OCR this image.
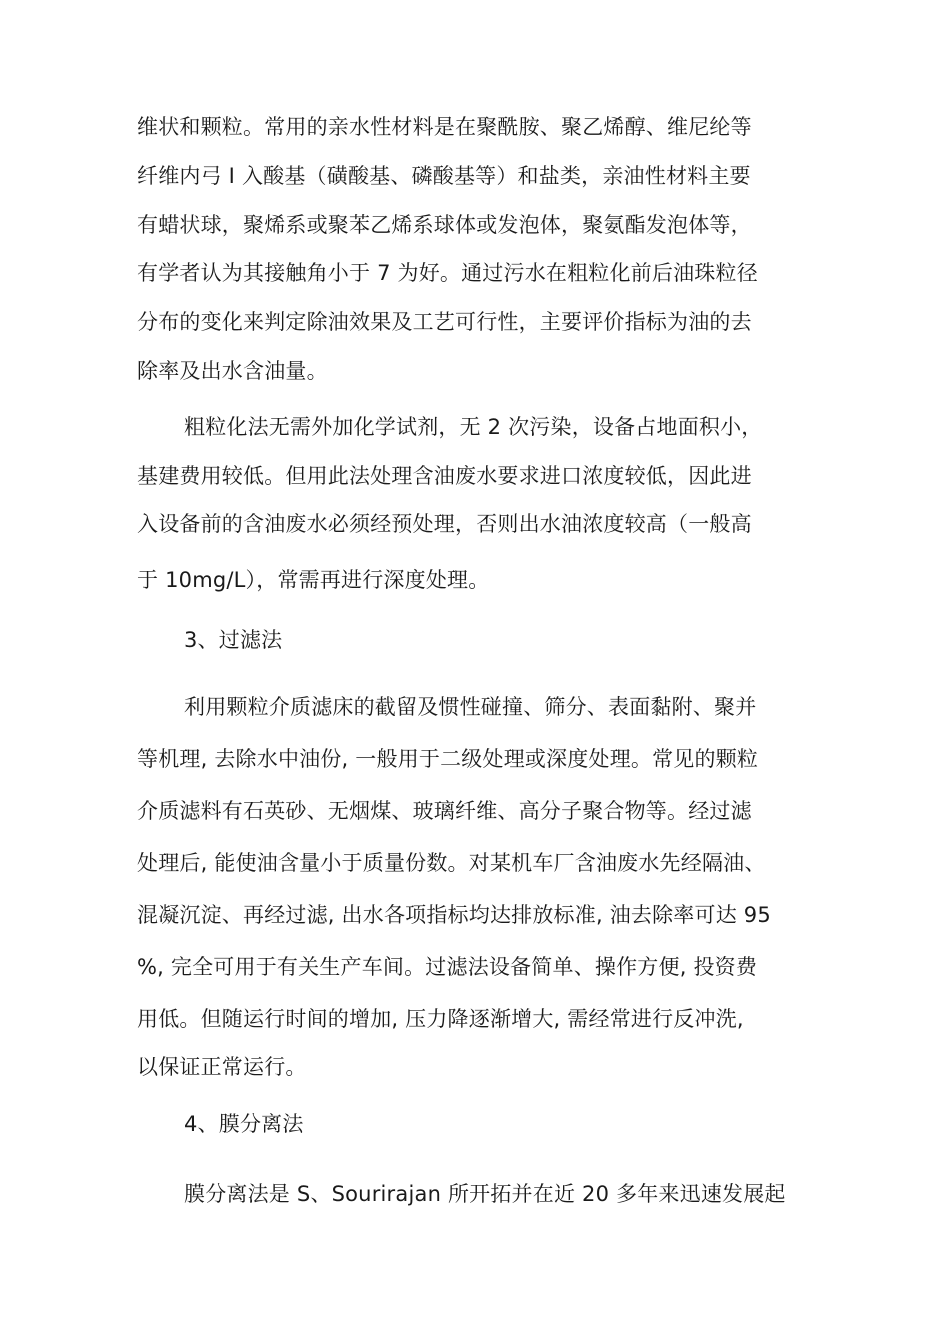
维状和颗粒。常用的亲水性材料是在聚酰胺、聚乙烯醇、维尼纶等
纤维内弓 I 入酸基（磺酸基、磷酸基等）和盐类，亲油性材料主要
有蜡状球，聚烯系或聚苯乙烯系球体或发泡体，聚氨酯发泡体等，
有学者认为其接触角小于 7 为好。通过污水在粗粒化前后油珠粒径
分布的变化来判定除油效果及工艺可行性，主要评价指标为油的去
除率及出水含油量。
粗粒化法无需外加化学试剂，无 2 次污染，设备占地面积小，
基建费用较低。但用此法处理含油废水要求进口浓度较低，因此进
入设备前的含油废水必须经预处理，否则出水油浓度较高（一般高
于 10mg/L），常需再进行深度处理。
3、过滤法
利用颗粒介质滤床的截留及惯性碰撞、筛分、表面黏附、聚并
等机理, 去除水中油份, 一般用于二级处理或深度处理。常见的颗粒
介质滤料有石英砂、无烟煤、玻璃纤维、高分子聚合物等。经过滤
处理后, 能使油含量小于质量份数。对某机车厂含油废水先经隔油、
混凝沉淀、再经过滤, 出水各项指标均达排放标准, 油去除率可达 95
%, 完全可用于有关生产车间。过滤法设备简单、操作方便, 投资费
用低。但随运行时间的增加, 压力降逐渐增大, 需经常进行反冲洗,
以保证正常运行。
4、膜分离法
膜分离法是 S、Sourirajan 所开拓并在近 20 多年来迅速发展起
